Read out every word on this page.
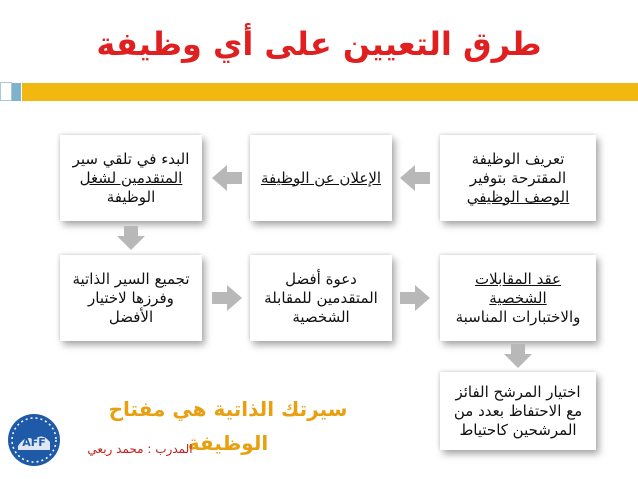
طرق التعيين على أي وظيفة
تعريف الوظيفة
المقترحة بتوفير
الوصف الوظيفي
الإعلان عن الوظيفة
البدء في تلقي سير
المتقدمين لشغل
الوظيفة
تجميع السير الذاتية
وفرزها لاختيار
الأفضل
دعوة أفضل
المتقدمين للمقابلة
الشخصية
عقد المقابلات
الشخصية
والاختبارات المناسبة
اختيار المرشح الفائز
مع الاحتفاظ بعدد من
المرشحين كاحتياط
سيرتك الذاتية هي مفتاح الوظيفة
المدرب : محمد ربعي
AFF
